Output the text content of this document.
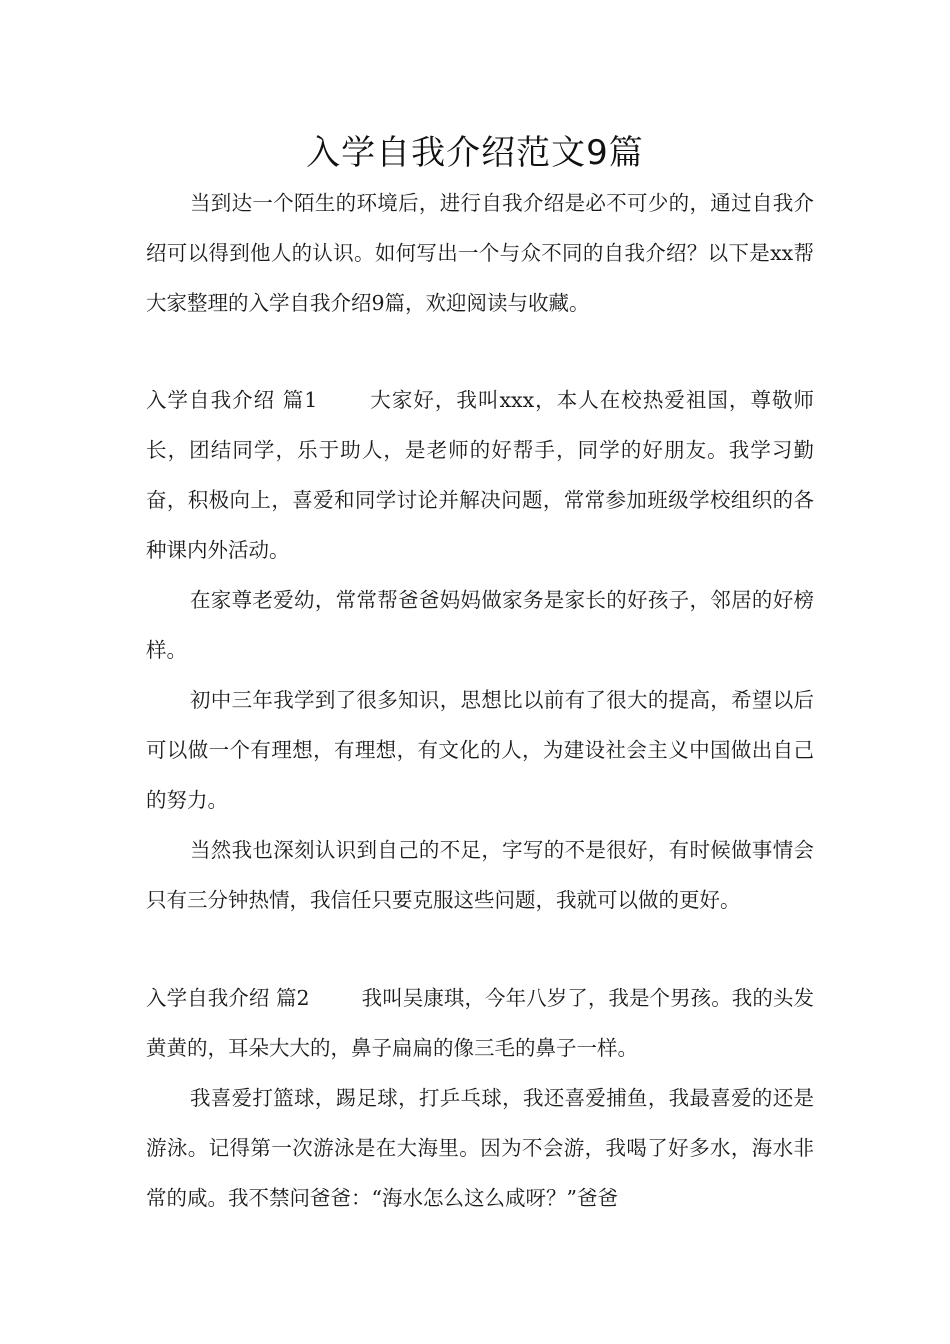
入学自我介绍范文9篇

当到达一个陌生的环境后，进行自我介绍是必不可少的，通过自我介绍可以得到他人的认识。如何写出一个与众不同的自我介绍？以下是xx帮大家整理的入学自我介绍9篇，欢迎阅读与收藏。

入学自我介绍 篇1	大家好，我叫xxx，本人在校热爱祖国，尊敬师长，团结同学，乐于助人，是老师的好帮手，同学的好朋友。我学习勤奋，积极向上，喜爱和同学讨论并解决问题，常常参加班级学校组织的各种课内外活动。

在家尊老爱幼，常常帮爸爸妈妈做家务是家长的好孩子，邻居的好榜样。

初中三年我学到了很多知识，思想比以前有了很大的提高，希望以后可以做一个有理想，有理想，有文化的人，为建设社会主义中国做出自己的努力。

当然我也深刻认识到自己的不足，字写的不是很好，有时候做事情会只有三分钟热情，我信任只要克服这些问题，我就可以做的更好。

入学自我介绍 篇2	我叫吴康琪，今年八岁了，我是个男孩。我的头发黄黄的，耳朵大大的，鼻子扁扁的像三毛的鼻子一样。

我喜爱打篮球，踢足球，打乒乓球，我还喜爱捕鱼，我最喜爱的还是游泳。记得第一次游泳是在大海里。因为不会游，我喝了好多水，海水非常的咸。我不禁问爸爸：“海水怎么这么咸呀？”爸爸
